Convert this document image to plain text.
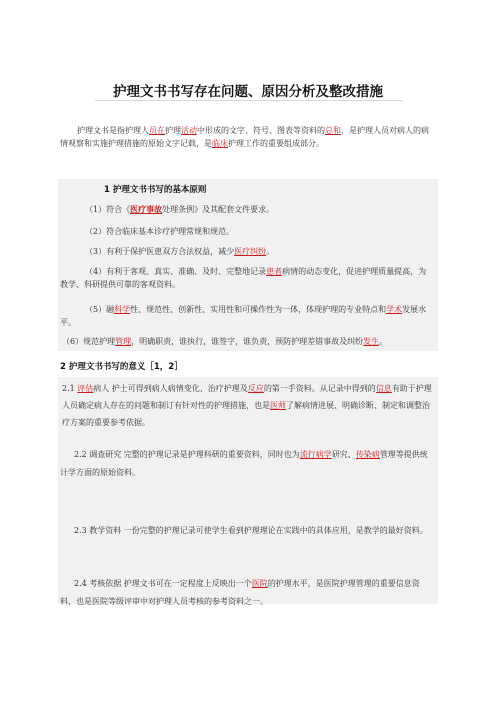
护理文书书写存在问题、原因分析及整改措施

护理文书是指护理人员在护理活动中形成的文字、符号、图表等资料的总和，是护理人员对病人的病情观察和实施护理措施的原始文字记载，是临床护理工作的重要组成部分。

1 护理文书书写的基本原则

（1）符合《医疗事故处理条例》及其配套文件要求。

（2）符合临床基本诊疗护理常规和规范。

（3）有利于保护医患双方合法权益，减少医疗纠纷。

（4）有利于客观、真实、准确、及时、完整地记录患者病情的动态变化，促进护理质量提高，为教学、科研提供可靠的客观资料。

（5）融科学性、规范性、创新性、实用性和可操作性为一体，体现护理的专业特点和学术发展水平。

（6）规范护理管理，明确职责，谁执行，谁签字，谁负责，预防护理差错事故及纠纷发生。

2 护理文书书写的意义［1，2］

2.1 评估病人 护士可得到病人病情变化、治疗护理及反应的第一手资料。从记录中得到的信息有助于护理人员确定病人存在的问题和制订有针对性的护理措施，也是医师了解病情进展、明确诊断、制定和调整治疗方案的重要参考依据。

2.2 调查研究 完整的护理记录是护理科研的重要资料，同时也为流行病学研究、传染病管理等提供统计学方面的原始资料。

2.3 教学资料 一份完整的护理记录可使学生看到护理理论在实践中的具体应用，是教学的最好资料。

2.4 考核依据 护理文书可在一定程度上反映出一个医院的护理水平，是医院护理管理的重要信息资料，也是医院等级评审中对护理人员考核的参考资料之一。
